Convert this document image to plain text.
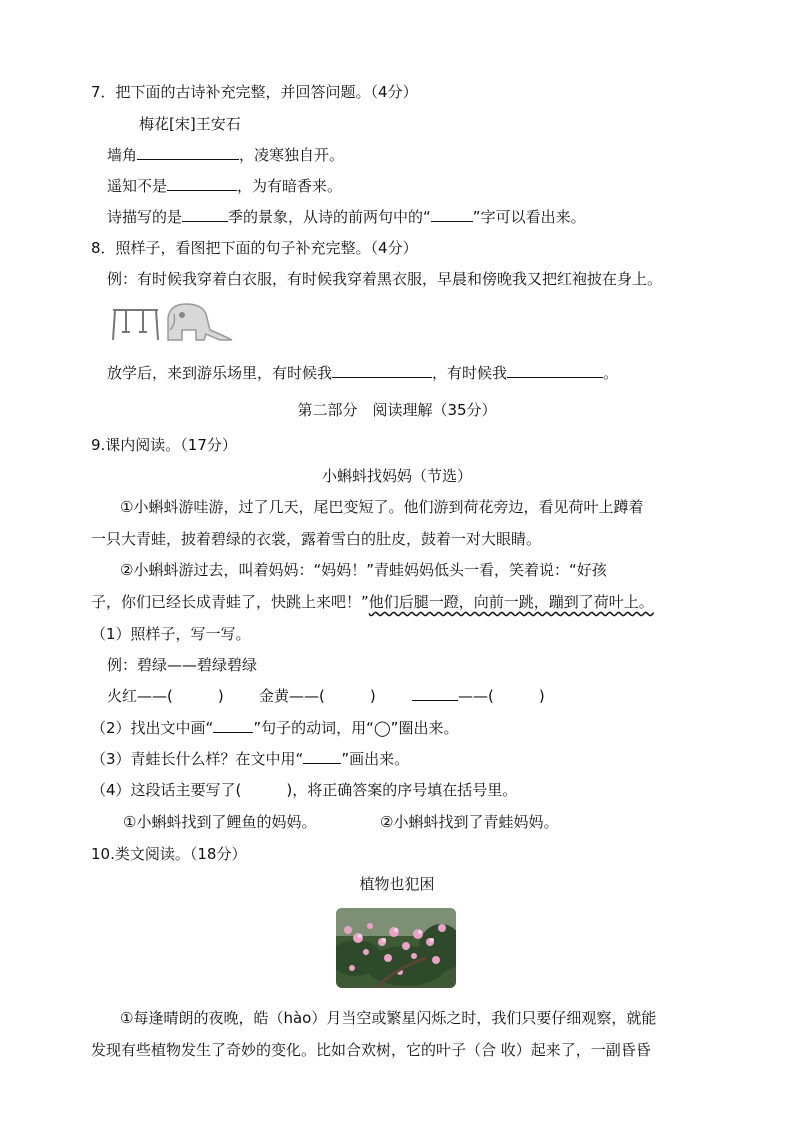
7．把下面的古诗补充完整，并回答问题。（4分）
梅花[宋]王安石
墙角	，凌寒独自开。
遥知不是	，为有暗香来。
诗描写的是	季的景象，从诗的前两句中的“	”字可以看出来。
8．照样子，看图把下面的句子补充完整。（4分）
例：有时候我穿着白衣服，有时候我穿着黑衣服，早晨和傍晚我又把红袍披在身上。
放学后，来到游乐场里，有时候我	，有时候我	。
第二部分　阅读理解（35分）
9.课内阅读。（17分）
小蝌蚪找妈妈（节选）
①小蝌蚪游哇游，过了几天，尾巴变短了。他们游到荷花旁边，看见荷叶上蹲着
一只大青蛙，披着碧绿的衣裳，露着雪白的肚皮，鼓着一对大眼睛。
②小蝌蚪游过去，叫着妈妈：“妈妈！”青蛙妈妈低头一看，笑着说：“好孩
子，你们已经长成青蛙了，快跳上来吧！”他们后腿一蹬，向前一跳，蹦到了荷叶上。
（1）照样子，写一写。
例：碧绿——碧绿碧绿
火红——(　　　) 金黄——(　　　)	——(　　　)
（2）找出文中画“	”句子的动词，用“◯”圈出来。
（3）青蛙长什么样？在文中用“	”画出来。
（4）这段话主要写了(　　　)，将正确答案的序号填在括号里。
①小蝌蚪找到了鲤鱼的妈妈。	②小蝌蚪找到了青蛙妈妈。
10.类文阅读。（18分）
植物也犯困
①每逢晴朗的夜晚，皓（hào）月当空或繁星闪烁之时，我们只要仔细观察，就能
发现有些植物发生了奇妙的变化。比如合欢树，它的叶子（合 收）起来了，一副昏昏
